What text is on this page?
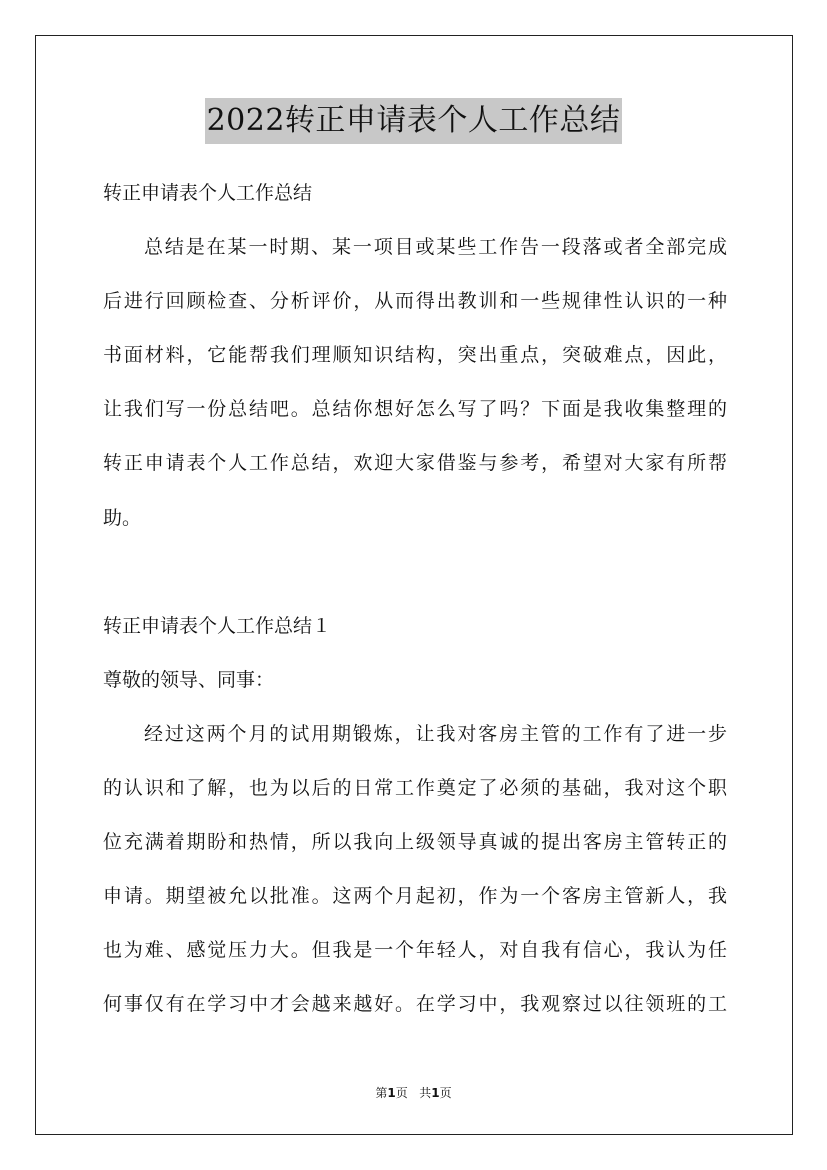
2022转正申请表个人工作总结
转正申请表个人工作总结
总结是在某一时期、某一项目或某些工作告一段落或者全部完成
后进行回顾检查、分析评价，从而得出教训和一些规律性认识的一种
书面材料，它能帮我们理顺知识结构，突出重点，突破难点，因此，
让我们写一份总结吧。总结你想好怎么写了吗？下面是我收集整理的
转正申请表个人工作总结，欢迎大家借鉴与参考，希望对大家有所帮
助。
转正申请表个人工作总结１
尊敬的领导、同事：
经过这两个月的试用期锻炼，让我对客房主管的工作有了进一步
的认识和了解，也为以后的日常工作奠定了必须的基础，我对这个职
位充满着期盼和热情，所以我向上级领导真诚的提出客房主管转正的
申请。期望被允以批准。这两个月起初，作为一个客房主管新人，我
也为难、感觉压力大。但我是一个年轻人，对自我有信心，我认为任
何事仅有在学习中才会越来越好。在学习中，我观察过以往领班的工
第1页 共1页
